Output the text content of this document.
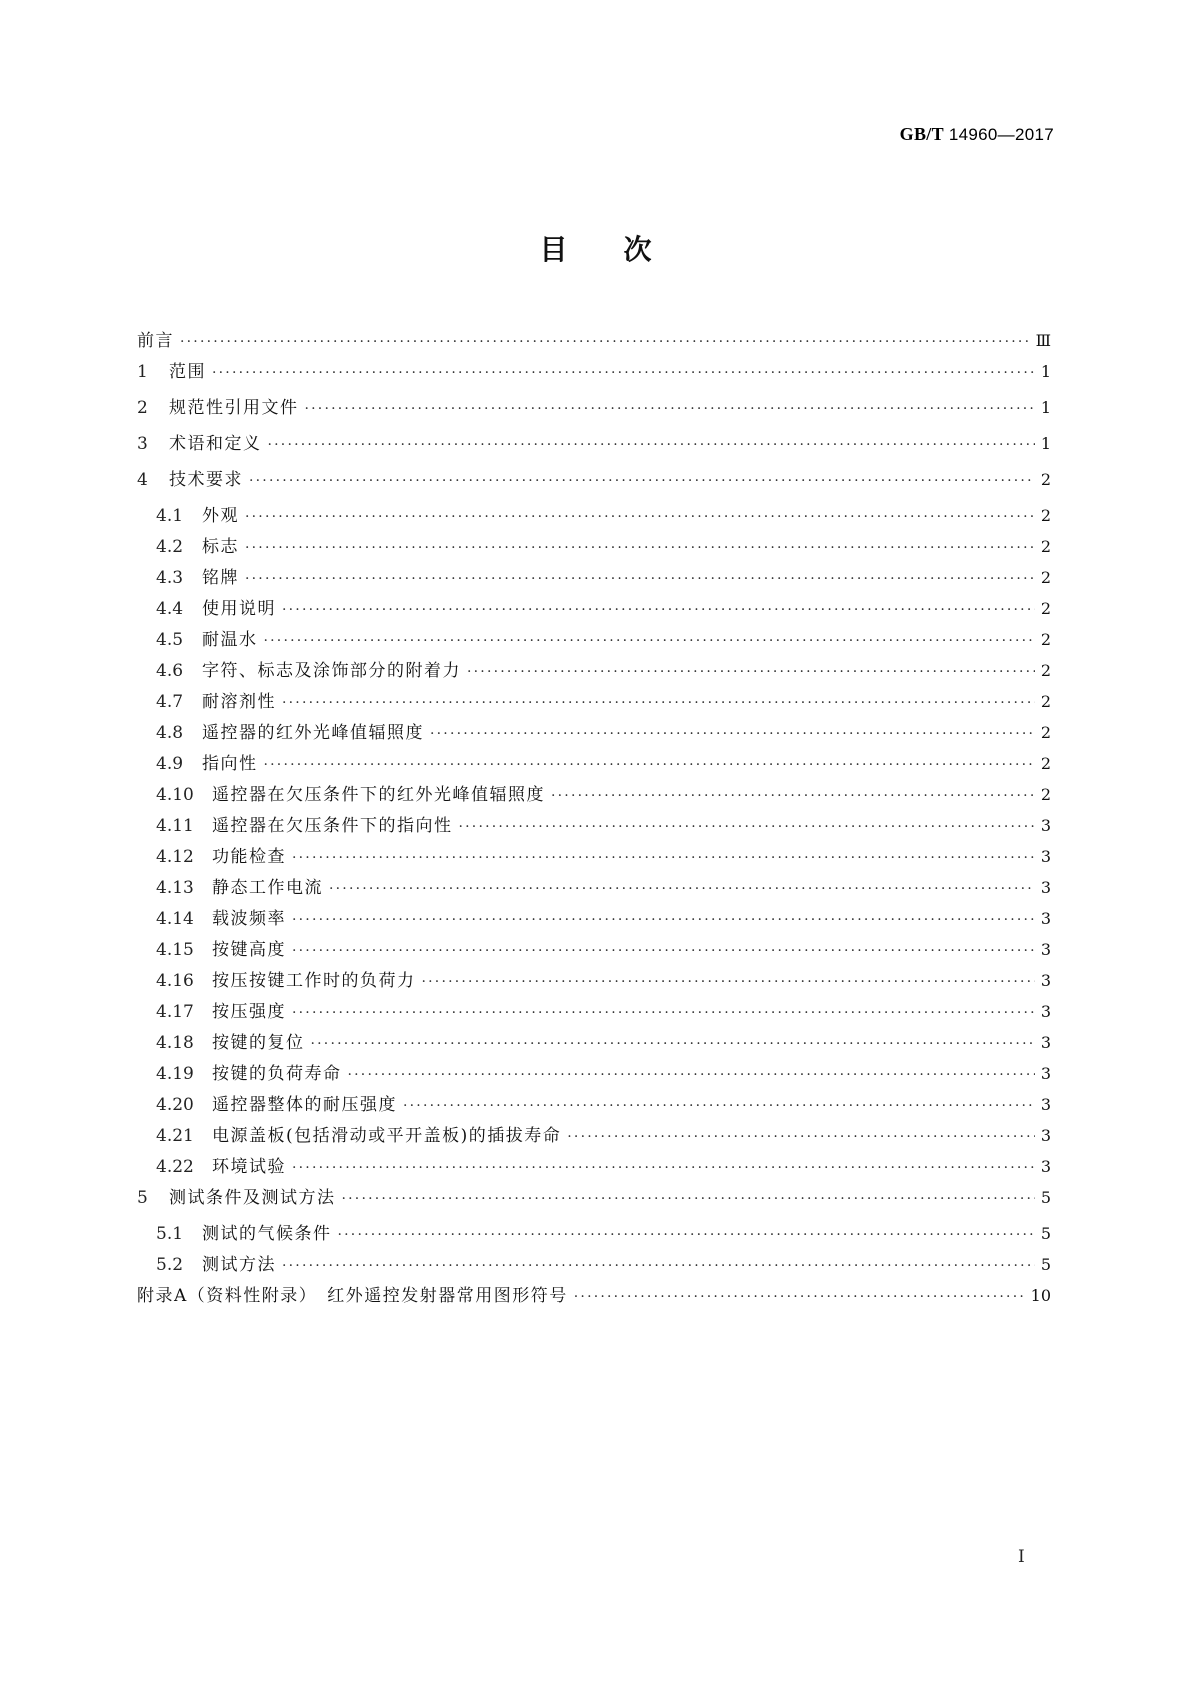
GB/T 14960—2017

目次
前言 ·····	Ⅲ
1	范围 ·····	1
2	规范性引用文件 ·····	1
3	术语和定义 ·····	1
4	技术要求 ·····	2
4.1	外观 ·····	2
4.2	标志 ·····	2
4.3	铭牌 ·····	2
4.4	使用说明 ·····	2
4.5	耐温水 ·····	2
4.6	字符、标志及涂饰部分的附着力 ·····	2
4.7	耐溶剂性 ·····	2
4.8	遥控器的红外光峰值辐照度 ·····	2
4.9	指向性 ·····	2
4.10	遥控器在欠压条件下的红外光峰值辐照度 ·····	2
4.11	遥控器在欠压条件下的指向性 ·····	3
4.12	功能检查 ·····	3
4.13	静态工作电流 ·····	3
4.14	载波频率 ·····	3
4.15	按键高度 ·····	3
4.16	按压按键工作时的负荷力 ·····	3
4.17	按压强度 ·····	3
4.18	按键的复位 ·····	3
4.19	按键的负荷寿命 ·····	3
4.20	遥控器整体的耐压强度 ·····	3
4.21	电源盖板(包括滑动或平开盖板)的插拔寿命 ·····	3
4.22	环境试验 ·····	3
5	测试条件及测试方法 ·····	5
5.1	测试的气候条件 ·····	5
5.2	测试方法 ·····	5
附录A（资料性附录）　红外遥控发射器常用图形符号 ·····	10

Ⅰ
